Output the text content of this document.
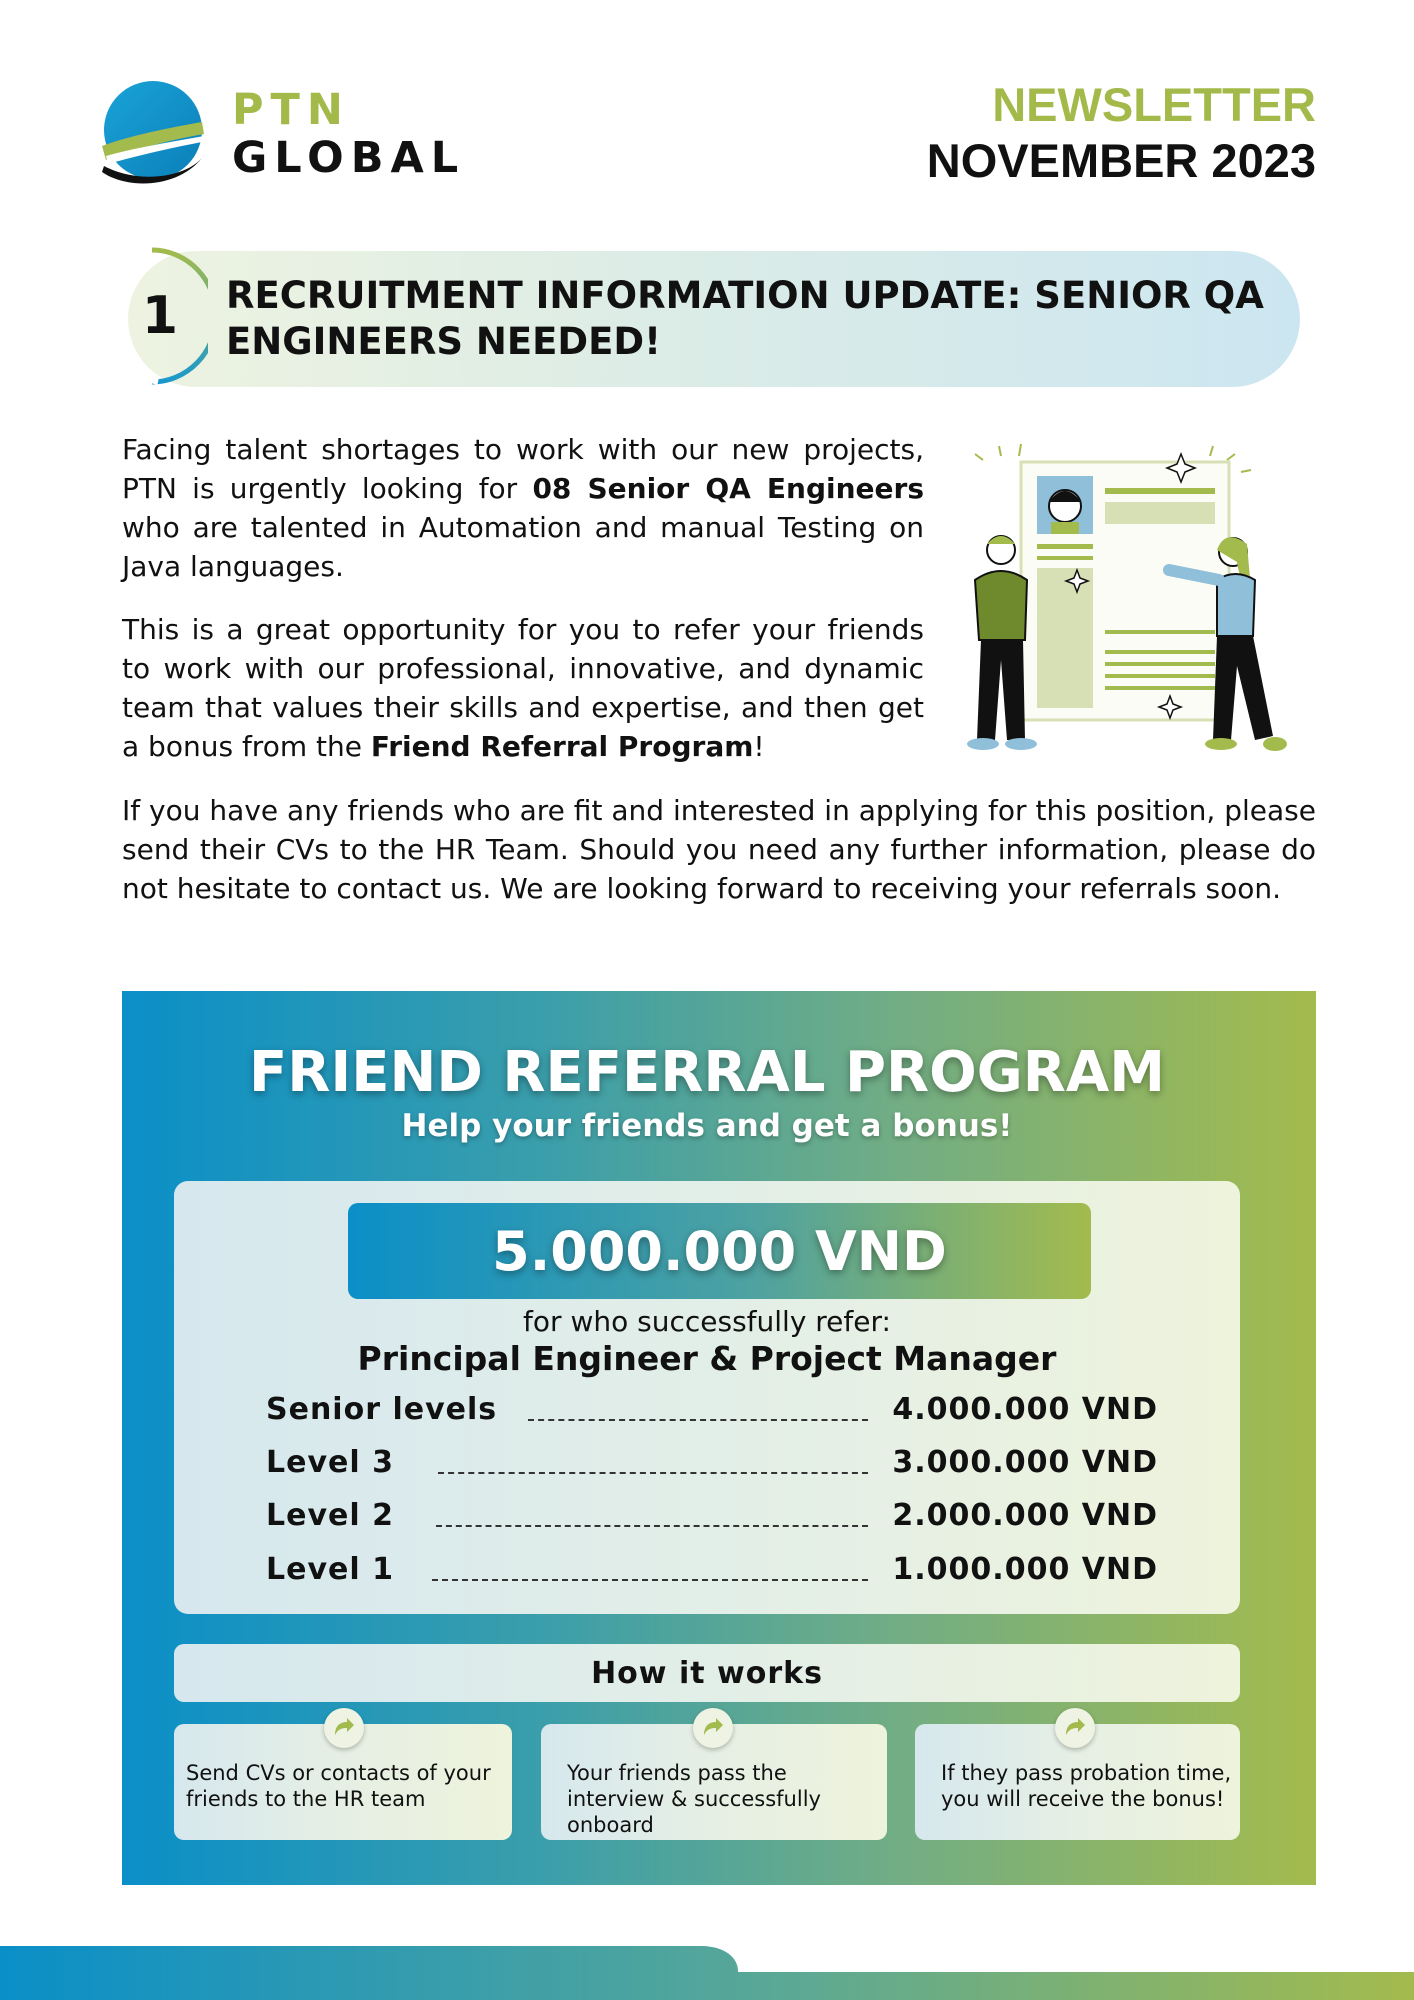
PTN
GLOBAL
NEWSLETTER
NOVEMBER 2023
1	RECRUITMENT INFORMATION UPDATE: SENIOR QA ENGINEERS NEEDED!
Facing talent shortages to work with our new projects, PTN is urgently looking for 08 Senior QA Engineers who are talented in Automation and manual Testing on Java languages.
This is a great opportunity for you to refer your friends to work with our professional, innovative, and dynamic team that values their skills and expertise, and then get a bonus from the Friend Referral Program!
If you have any friends who are fit and interested in applying for this position, please send their CVs to the HR Team. Should you need any further information, please do not hesitate to contact us. We are looking forward to receiving your referrals soon.
FRIEND REFERRAL PROGRAM
Help your friends and get a bonus!
5.000.000 VND
for who successfully refer:
Principal Engineer & Project Manager
Senior levels	4.000.000 VND
Level 3	3.000.000 VND
Level 2	2.000.000 VND
Level 1	1.000.000 VND
How it works
Send CVs or contacts of your friends to the HR team
Your friends pass the interview & successfully onboard
If they pass probation time, you will receive the bonus!
